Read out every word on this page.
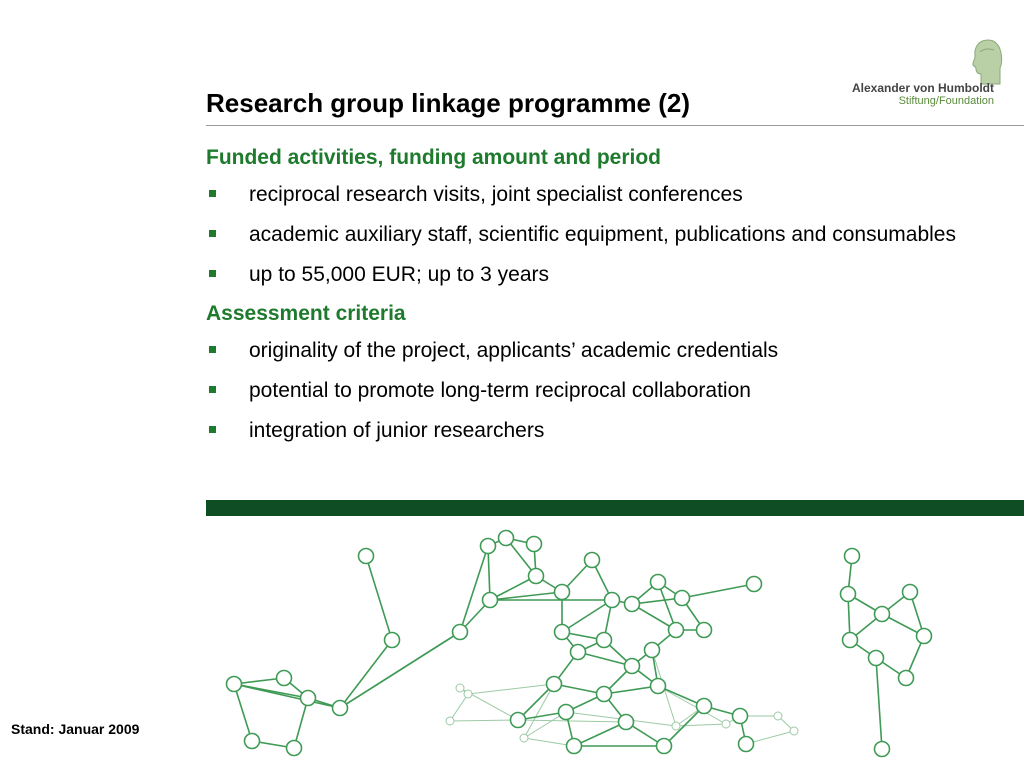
Alexander von Humboldt
Stiftung/Foundation
Research group linkage programme (2)
Funded activities, funding amount and period
reciprocal research visits, joint specialist conferences
academic auxiliary staff, scientific equipment, publications and consumables
up to 55,000 EUR; up to 3 years
Assessment criteria
originality of the project, applicants’ academic credentials
potential to promote long-term reciprocal collaboration
integration of junior researchers
Stand: Januar 2009
